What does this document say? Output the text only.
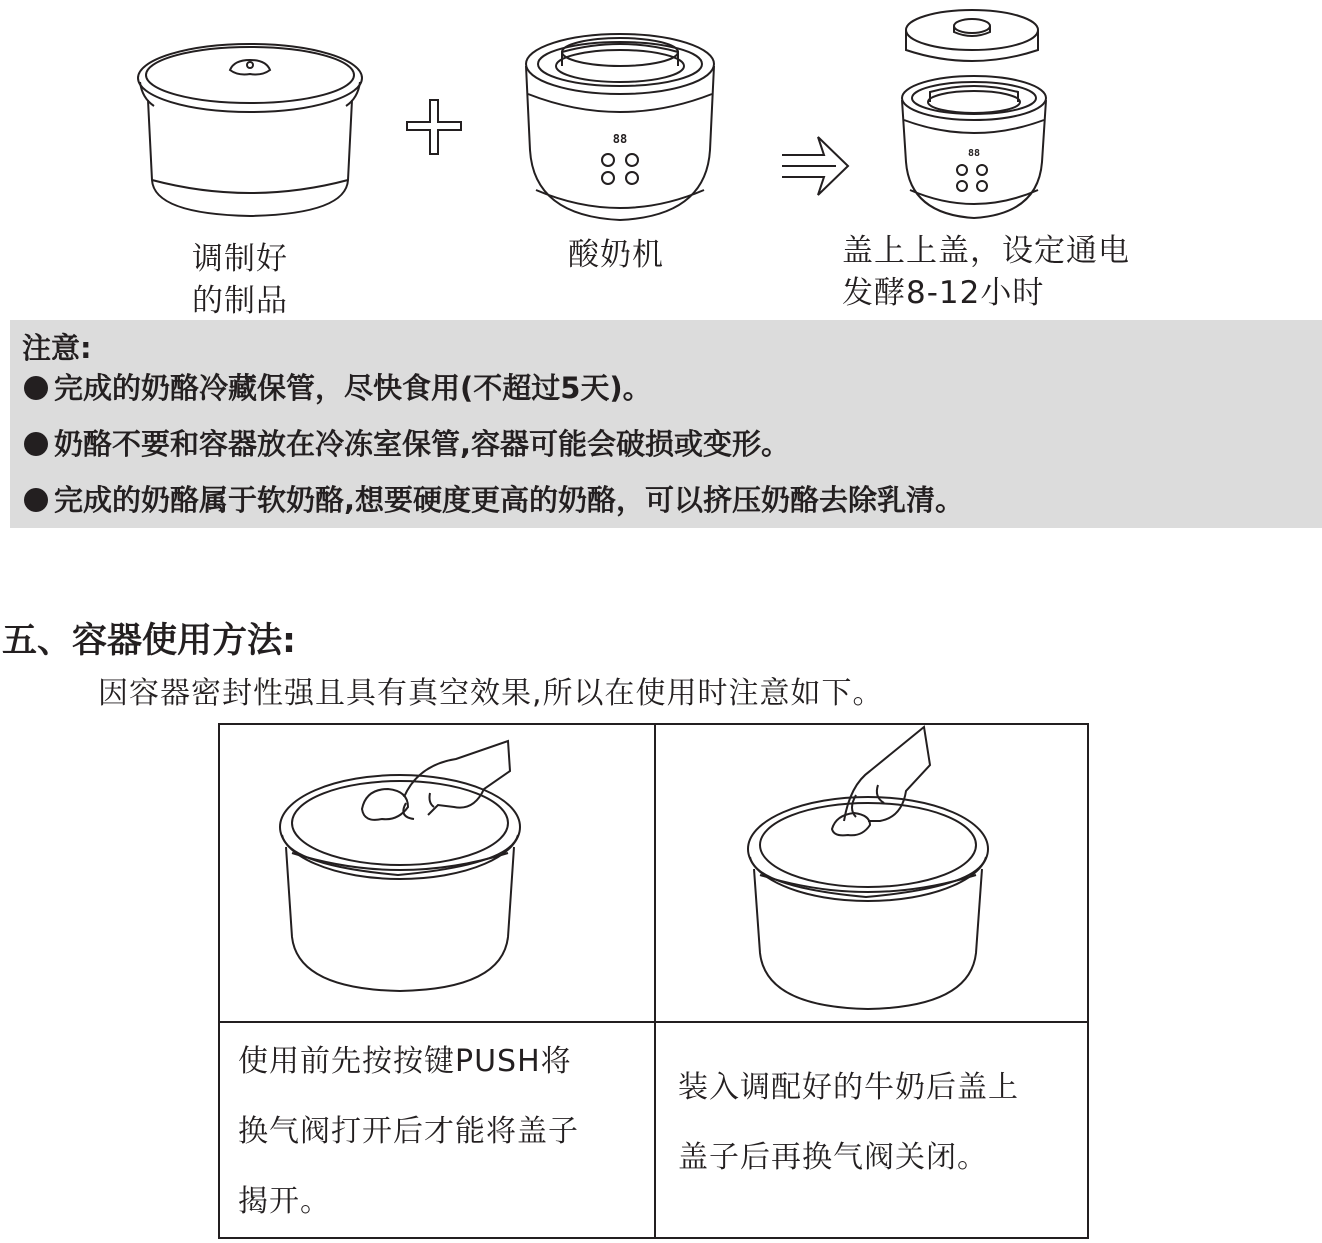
88
88
调制好
的制品
酸奶机	盖上上盖，设定通电
发酵8-12小时
注意:
完成的奶酪冷藏保管，尽快食用(不超过5天)。
奶酪不要和容器放在冷冻室保管,容器可能会破损或变形。
完成的奶酪属于软奶酪,想要硬度更高的奶酪，可以挤压奶酪去除乳清。
五、容器使用方法:
因容器密封性强且具有真空效果,所以在使用时注意如下。
使用前先按按键PUSH将
换气阀打开后才能将盖子
揭开。
装入调配好的牛奶后盖上
盖子后再换气阀关闭。
